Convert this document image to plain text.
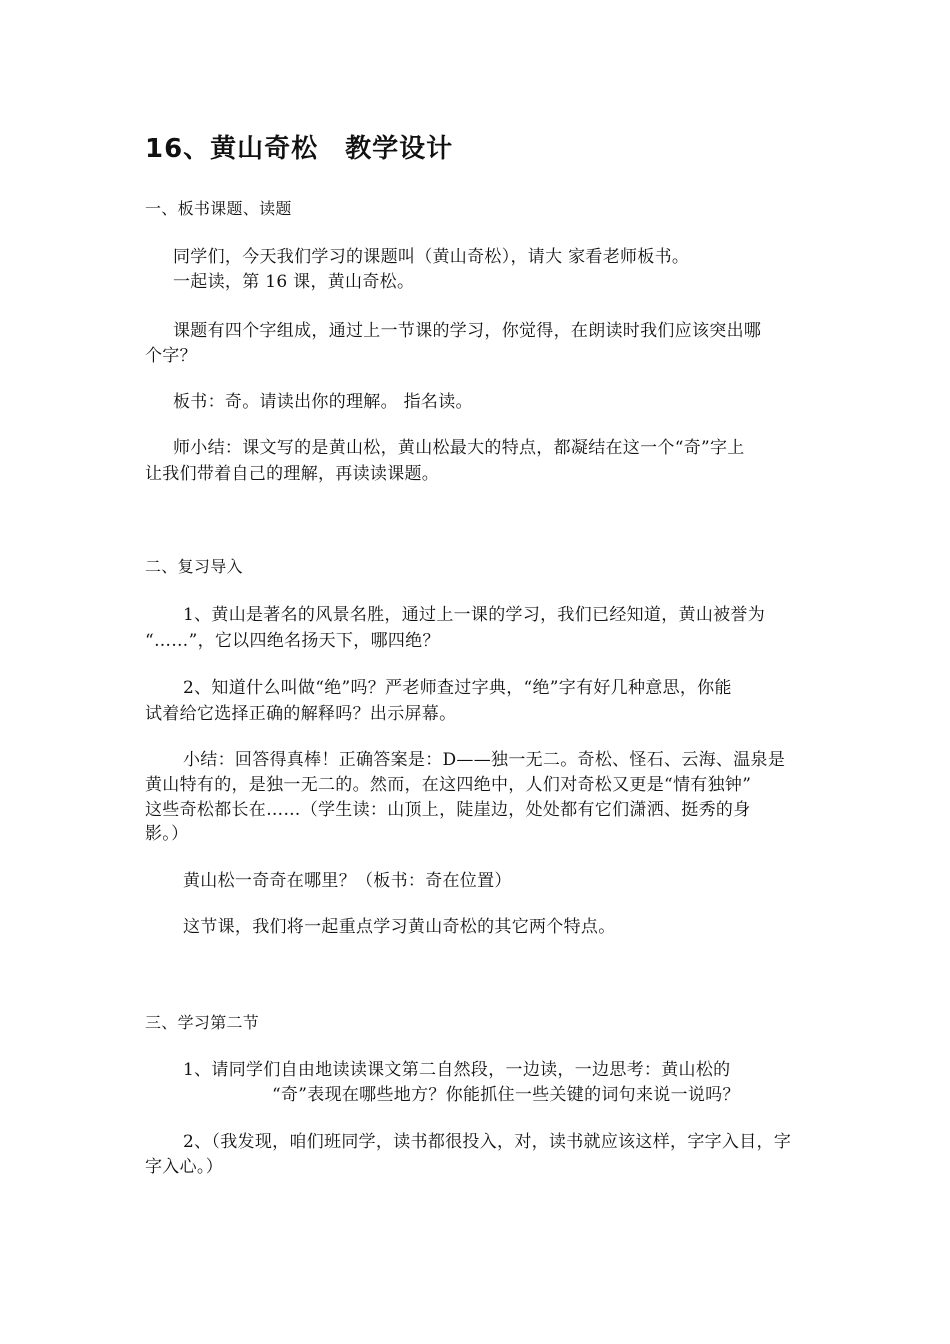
16、黄山奇松　教学设计
一、板书课题、读题
同学们，今天我们学习的课题叫（黄山奇松），请大 家看老师板书。
一起读，第 16 课，黄山奇松。
课题有四个字组成，通过上一节课的学习，你觉得，在朗读时我们应该突出哪
个字？
板书：奇。请读出你的理解。 指名读。
师小结：课文写的是黄山松，黄山松最大的特点，都凝结在这一个“奇”字上
让我们带着自己的理解，再读读课题。
二、复习导入
1、黄山是著名的风景名胜，通过上一课的学习，我们已经知道，黄山被誉为
“……”，它以四绝名扬天下，哪四绝？
2、知道什么叫做“绝”吗？严老师查过字典，“绝”字有好几种意思，你能
试着给它选择正确的解释吗？出示屏幕。
小结：回答得真棒！正确答案是：D——独一无二。奇松、怪石、云海、温泉是
黄山特有的，是独一无二的。然而，在这四绝中，人们对奇松又更是“情有独钟”
这些奇松都长在……（学生读：山顶上，陡崖边，处处都有它们潇洒、挺秀的身
影。）
黄山松一奇奇在哪里？（板书：奇在位置）
这节课，我们将一起重点学习黄山奇松的其它两个特点。
三、学习第二节
1、请同学们自由地读读课文第二自然段，一边读，一边思考：黄山松的
“奇”表现在哪些地方？你能抓住一些关键的词句来说一说吗？
2、（我发现，咱们班同学，读书都很投入，对，读书就应该这样，字字入目，字
字入心。）
